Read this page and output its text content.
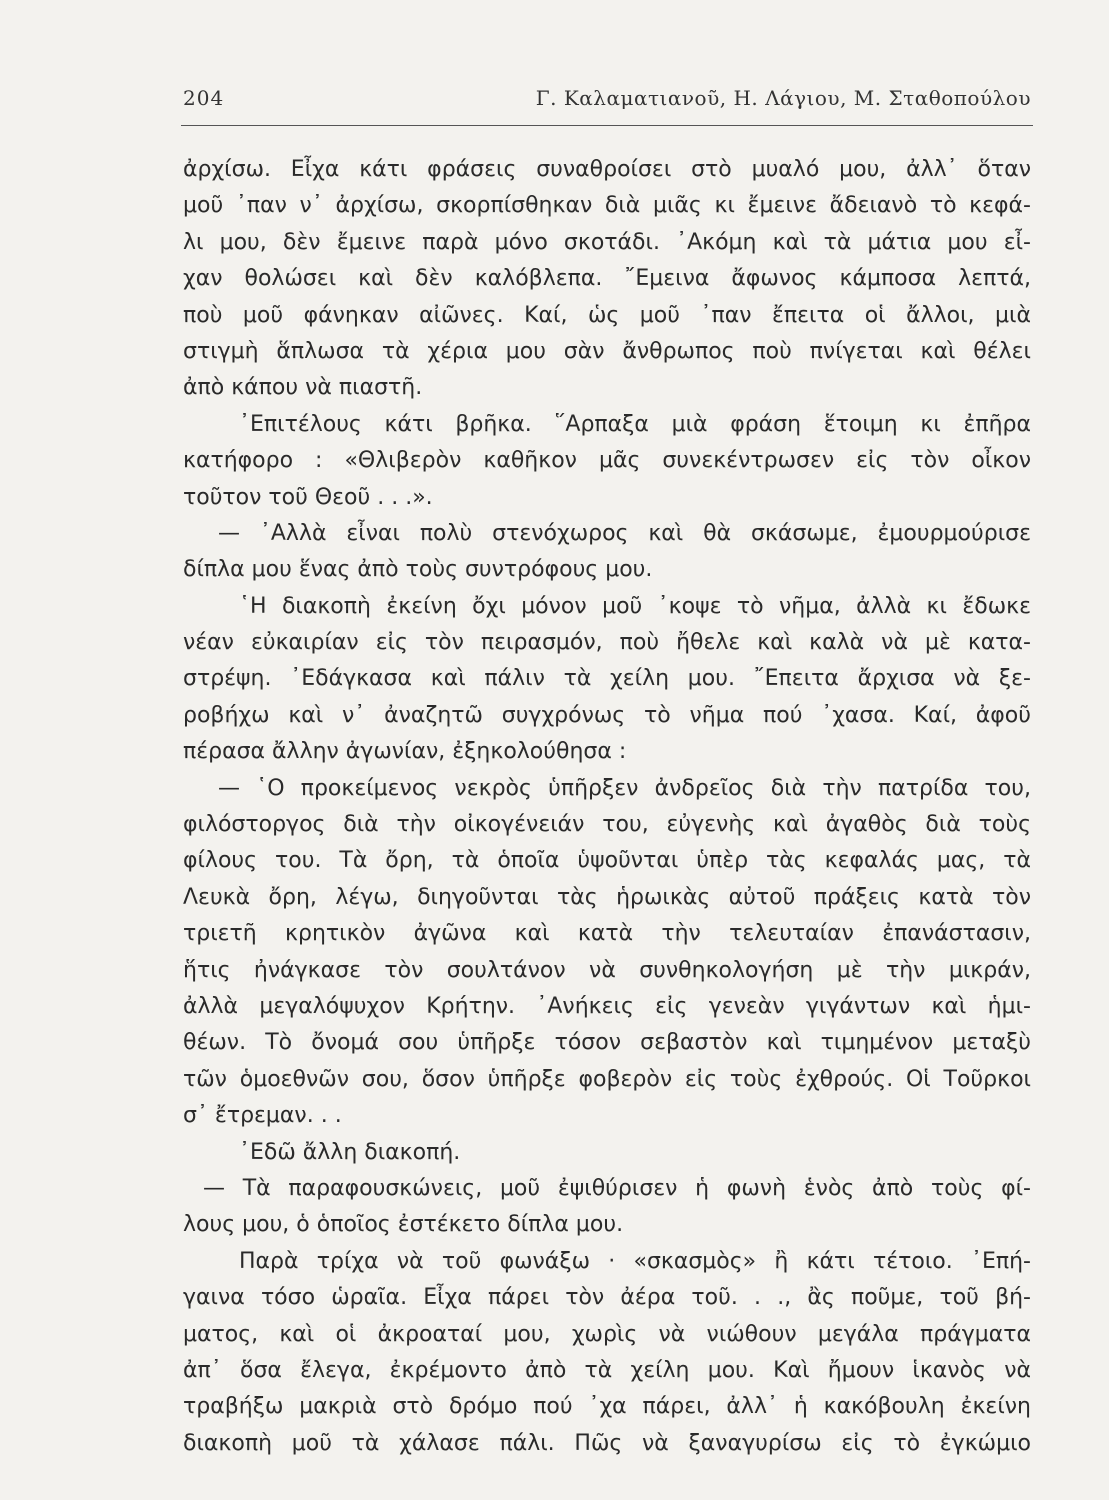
204	Γ. Καλαματιανοῦ, Η. Λάγιου, Μ. Σταθοπούλου
ἀρχίσω. Εἶχα κάτι φράσεις συναθροίσει στὸ μυαλό μου, ἀλλ᾽ ὅταν
μοῦ ᾽παν ν᾽ ἀρχίσω, σκορπίσθηκαν διὰ μιᾶς κι ἔμεινε ἄδειανὸ τὸ κεφά-
λι μου, δὲν ἔμεινε παρὰ μόνο σκοτάδι. ᾽Ακόμη καὶ τὰ μάτια μου εἶ-
χαν θολώσει καὶ δὲν καλόβλεπα. ῎Εμεινα ἄφωνος κάμποσα λεπτά,
ποὺ μοῦ φάνηκαν αἰῶνες. Καί, ὡς μοῦ ᾽παν ἔπειτα οἱ ἄλλοι, μιὰ
στιγμὴ ἅπλωσα τὰ χέρια μου σὰν ἄνθρωπος ποὺ πνίγεται καὶ θέλει
ἀπὸ κάπου νὰ πιαστῆ.
᾽Επιτέλους κάτι βρῆκα. ῞Αρπαξα μιὰ φράση ἕτοιμη κι ἐπῆρα
κατήφορο : «Θλιβερὸν καθῆκον μᾶς συνεκέντρωσεν εἰς τὸν οἶκον
τοῦτον τοῦ Θεοῦ . . .».
— ᾽Αλλὰ εἶναι πολὺ στενόχωρος καὶ θὰ σκάσωμε, ἐμουρμούρισε
δίπλα μου ἕνας ἀπὸ τοὺς συντρόφους μου.
῾Η διακοπὴ ἐκείνη ὄχι μόνον μοῦ ᾽κοψε τὸ νῆμα, ἀλλὰ κι ἔδωκε
νέαν εὐκαιρίαν εἰς τὸν πειρασμόν, ποὺ ἤθελε καὶ καλὰ νὰ μὲ κατα-
στρέψη. ᾽Εδάγκασα καὶ πάλιν τὰ χείλη μου. ῎Επειτα ἄρχισα νὰ ξε-
ροβήχω καὶ ν᾽ ἀναζητῶ συγχρόνως τὸ νῆμα πού ᾽χασα. Καί, ἀφοῦ
πέρασα ἄλλην ἀγωνίαν, ἐξηκολούθησα :
— ῾Ο προκείμενος νεκρὸς ὑπῆρξεν ἀνδρεῖος διὰ τὴν πατρίδα του,
φιλόστοργος διὰ τὴν οἰκογένειάν του, εὐγενὴς καὶ ἀγαθὸς διὰ τοὺς
φίλους του. Τὰ ὄρη, τὰ ὁποῖα ὑψοῦνται ὑπὲρ τὰς κεφαλάς μας, τὰ
Λευκὰ ὄρη, λέγω, διηγοῦνται τὰς ἡρωικὰς αὐτοῦ πράξεις κατὰ τὸν
τριετῆ κρητικὸν ἀγῶνα καὶ κατὰ τὴν τελευταίαν ἐπανάστασιν,
ἥτις ἠνάγκασε τὸν σουλτάνον νὰ συνθηκολογήση μὲ τὴν μικράν,
ἀλλὰ μεγαλόψυχον Κρήτην. ᾽Ανήκεις εἰς γενεὰν γιγάντων καὶ ἡμι-
θέων. Τὸ ὄνομά σου ὑπῆρξε τόσον σεβαστὸν καὶ τιμημένον μεταξὺ
τῶν ὁμοεθνῶν σου, ὅσον ὑπῆρξε φοβερὸν εἰς τοὺς ἐχθρούς. Οἱ Τοῦρκοι
σ᾽ ἔτρεμαν. . .
᾽Εδῶ ἄλλη διακοπή.
— Τὰ παραφουσκώνεις, μοῦ ἐψιθύρισεν ἡ φωνὴ ἑνὸς ἀπὸ τοὺς φί-
λους μου, ὁ ὁποῖος ἐστέκετο δίπλα μου.
Παρὰ τρίχα νὰ τοῦ φωνάξω · «σκασμὸς» ἢ κάτι τέτοιο. ᾽Επή-
γαινα τόσο ὡραῖα. Εἶχα πάρει τὸν ἀέρα τοῦ. . ., ἂς ποῦμε, τοῦ βή-
ματος, καὶ οἱ ἀκροαταί μου, χωρὶς νὰ νιώθουν μεγάλα πράγματα
ἀπ᾽ ὅσα ἔλεγα, ἐκρέμοντο ἀπὸ τὰ χείλη μου. Καὶ ἤμουν ἱκανὸς νὰ
τραβήξω μακριὰ στὸ δρόμο πού ᾽χα πάρει, ἀλλ᾽ ἡ κακόβουλη ἐκείνη
διακοπὴ μοῦ τὰ χάλασε πάλι. Πῶς νὰ ξαναγυρίσω εἰς τὸ ἐγκώμιο
